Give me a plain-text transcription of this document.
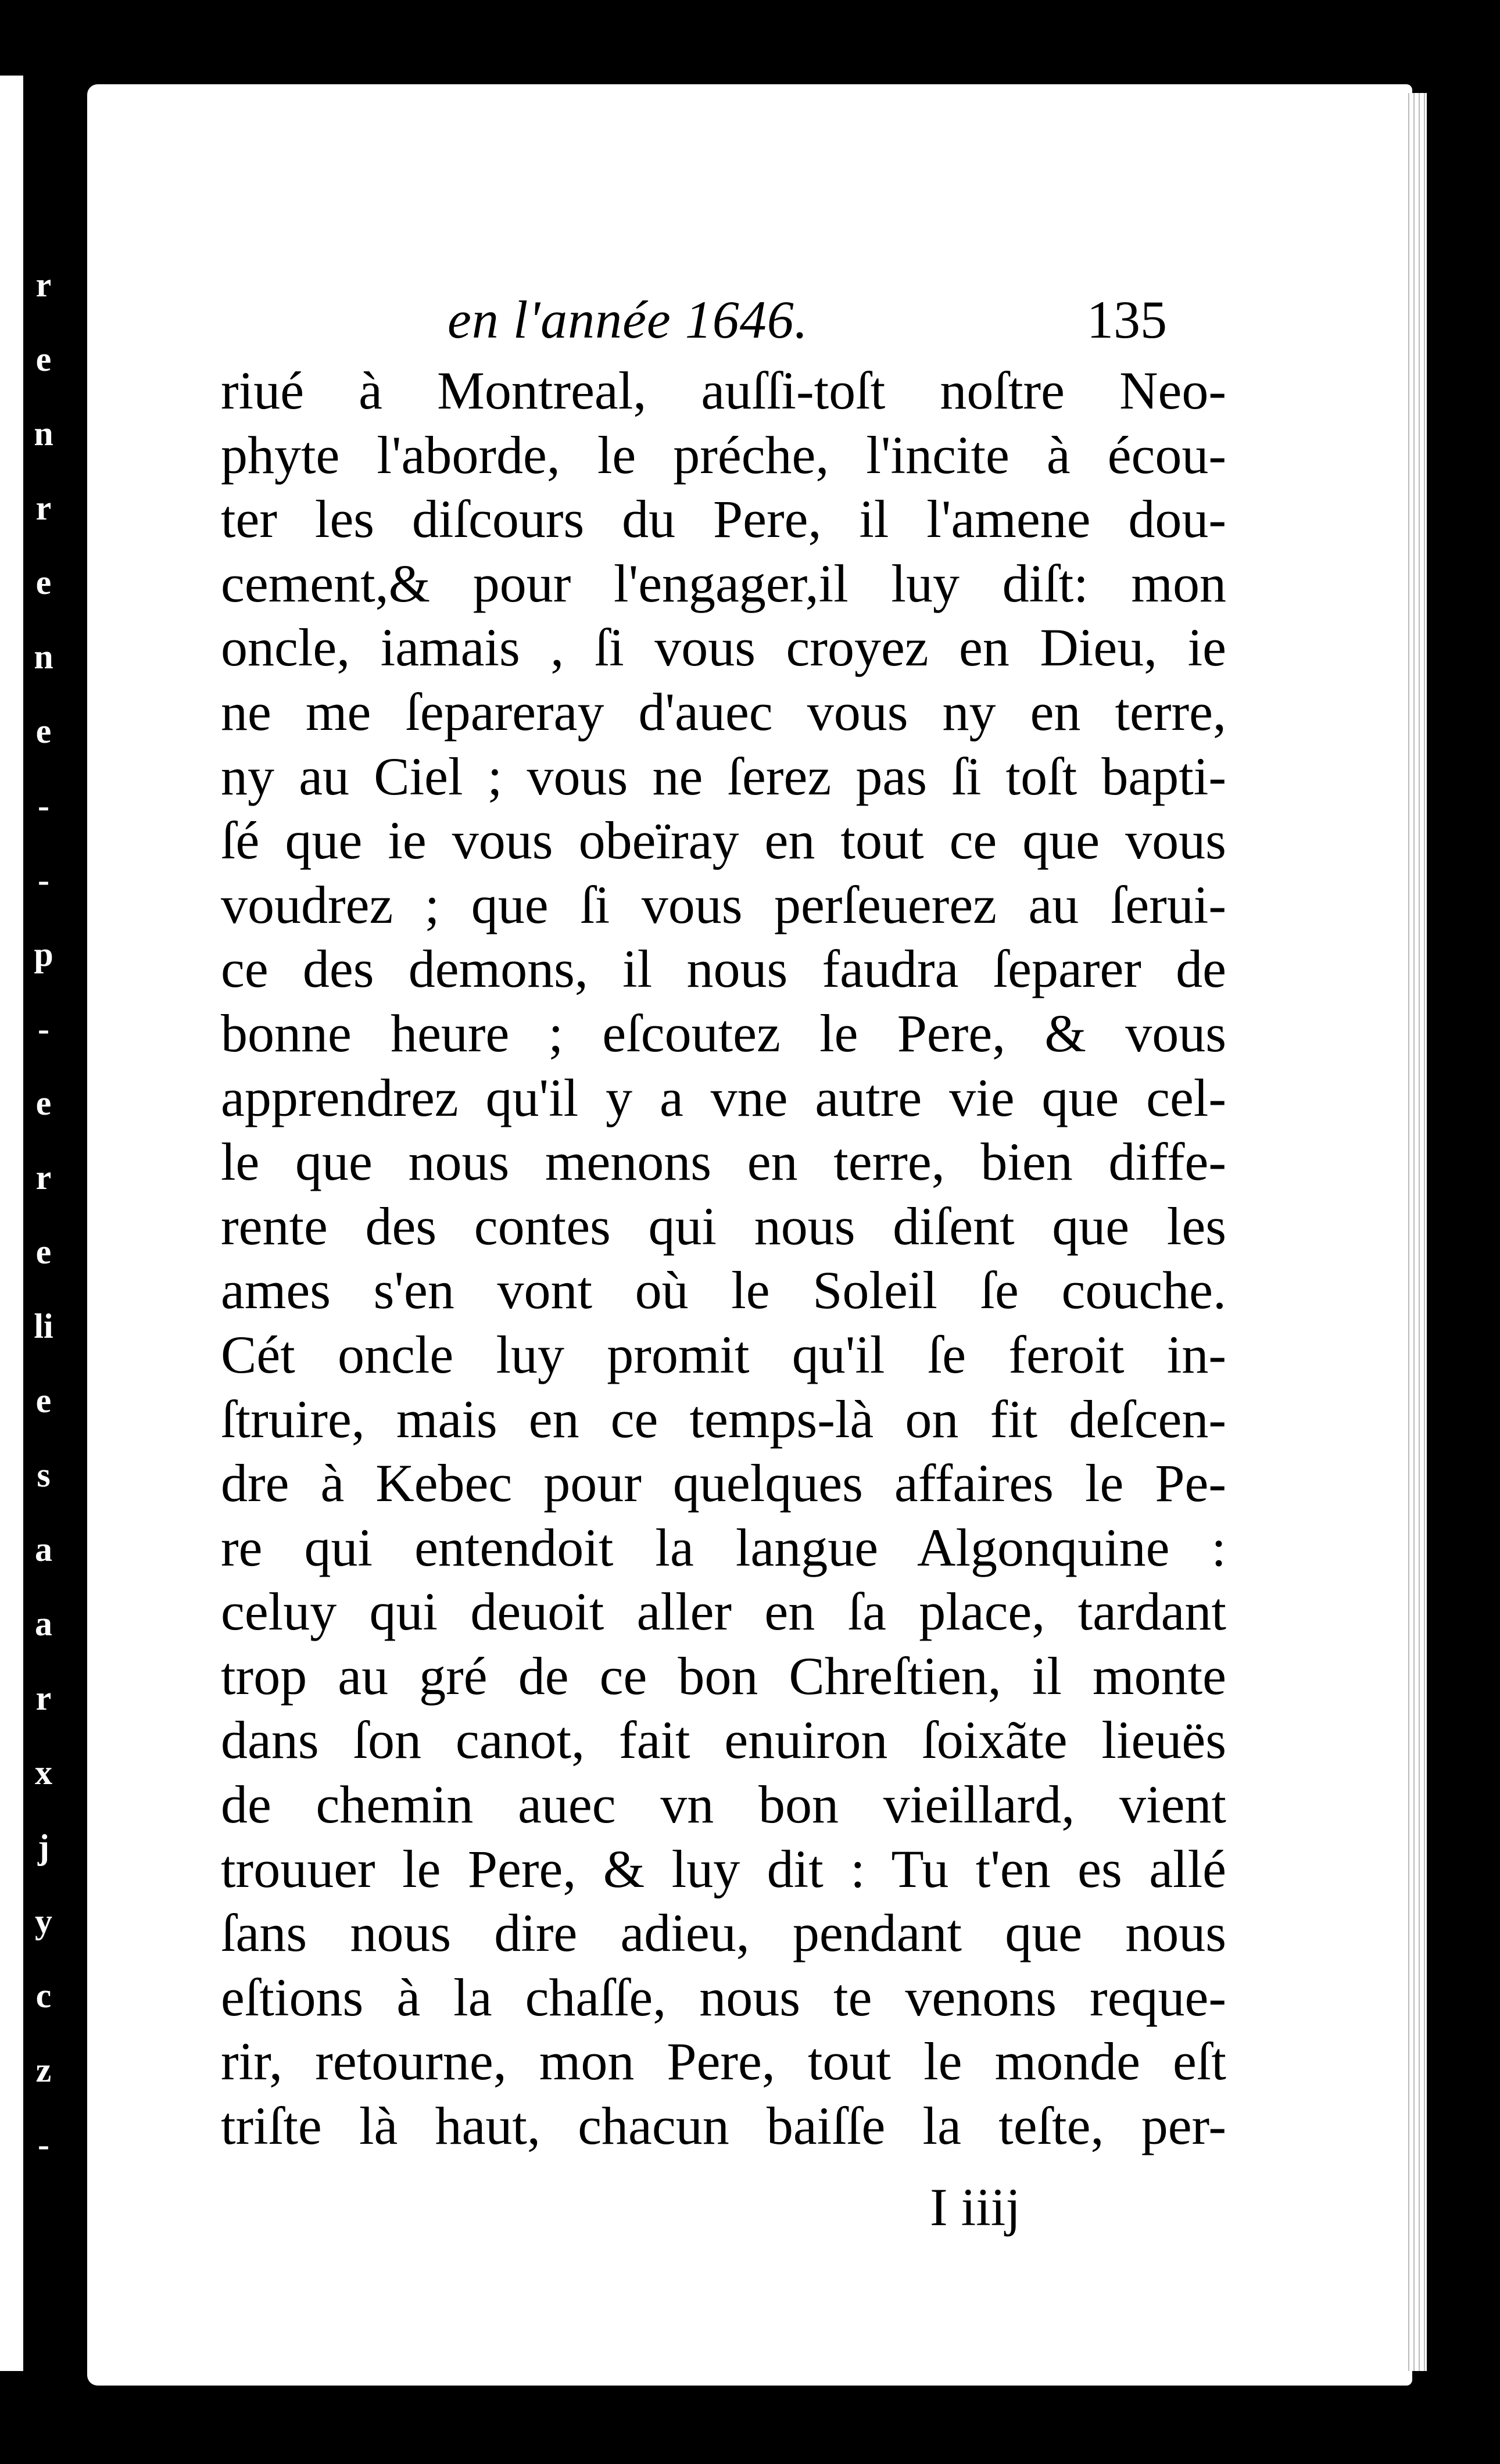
r
e
n
r
e
n
e
-
-
p
-
e
r
e
li
e
s
a
a
r
x
j
y
c
z
-
en l'année 1646.	135
riué à Montreal, auſſi-toſt noſtre Neo-
phyte l'aborde, le préche, l'incite à écou-
ter les diſcours du Pere, il l'amene dou-
cement,& pour l'engager,il luy diſt: mon
oncle, iamais , ſi vous croyez en Dieu, ie
ne me ſepareray d'auec vous ny en terre,
ny au Ciel ; vous ne ſerez pas ſi toſt bapti-
ſé que ie vous obeïray en tout ce que vous
voudrez ; que ſi vous perſeuerez au ſerui-
ce des demons, il nous faudra ſeparer de
bonne heure ; eſcoutez le Pere, & vous
apprendrez qu'il y a vne autre vie que cel-
le que nous menons en terre, bien diffe-
rente des contes qui nous diſent que les
ames s'en vont où le Soleil ſe couche.
Cét oncle luy promit qu'il ſe feroit in-
ſtruire, mais en ce temps-là on fit deſcen-
dre à Kebec pour quelques affaires le Pe-
re qui entendoit la langue Algonquine :
celuy qui deuoit aller en ſa place, tardant
trop au gré de ce bon Chreſtien, il monte
dans ſon canot, fait enuiron ſoixãte lieuës
de chemin auec vn bon vieillard, vient
trouuer le Pere, & luy dit : Tu t'en es allé
ſans nous dire adieu, pendant que nous
eſtions à la chaſſe, nous te venons reque-
rir, retourne, mon Pere, tout le monde eſt
triſte là haut, chacun baiſſe la teſte, per-
I iiij
